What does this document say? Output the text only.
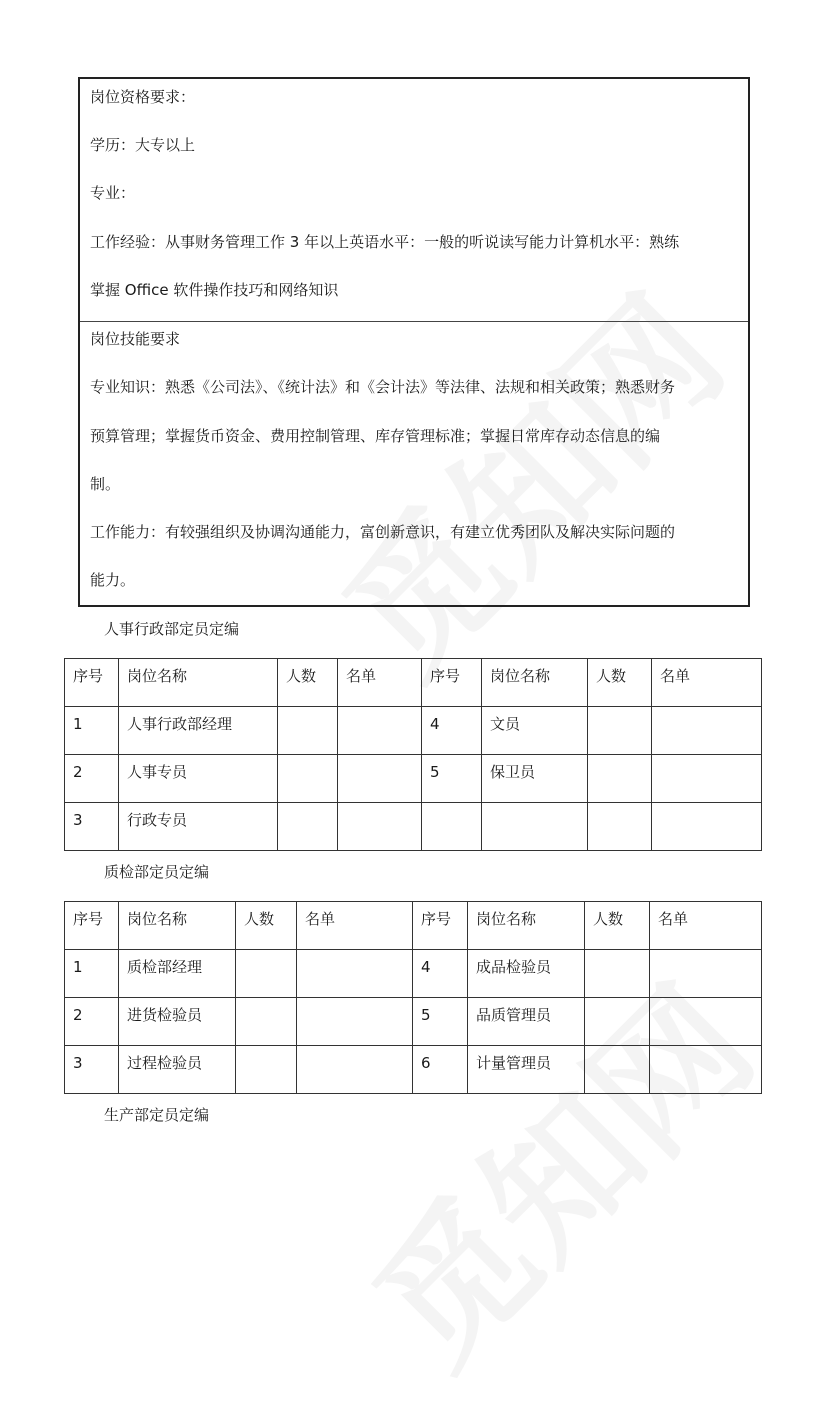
岗位资格要求：
学历：大专以上
专业：
工作经验：从事财务管理工作 3 年以上英语水平：一般的听说读写能力计算机水平：熟练
掌握 Office 软件操作技巧和网络知识
岗位技能要求
专业知识：熟悉《公司法》、《统计法》和《会计法》等法律、法规和相关政策；熟悉财务
预算管理；掌握货币资金、费用控制管理、库存管理标准；掌握日常库存动态信息的编
制。
工作能力：有较强组织及协调沟通能力，富创新意识，有建立优秀团队及解决实际问题的
能力。
人事行政部定员定编
序号	岗位名称	人数	名单	序号	岗位名称	人数	名单

1	人事行政部经理			4	文员		

2	人事专员			5	保卫员		

3	行政专员						

质检部定员定编
序号	岗位名称	人数	名单	序号	岗位名称	人数	名单

1	质检部经理			4	成品检验员		

2	进货检验员			5	品质管理员		

3	过程检验员			6	计量管理员		

生产部定员定编
